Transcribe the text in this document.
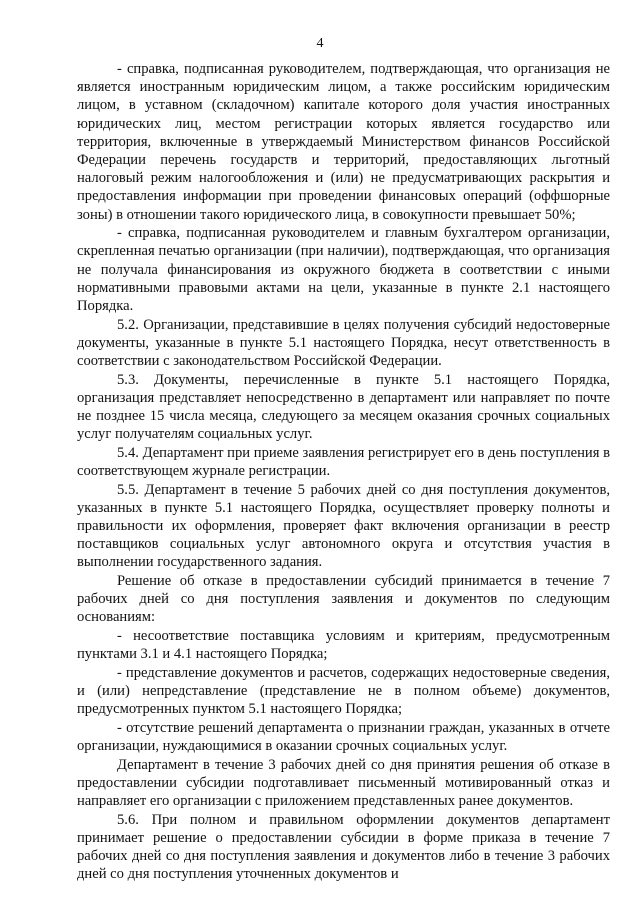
4

- справка, подписанная руководителем, подтверждающая, что организация не является иностранным юридическим лицом, а также российским юридическим лицом, в уставном (складочном) капитале которого доля участия иностранных юридических лиц, местом регистрации которых является государство или территория, включенные в утверждаемый Министерством финансов Российской Федерации перечень государств и территорий, предоставляющих льготный налоговый режим налогообложения и (или) не предусматривающих раскрытия и предоставления информации при проведении финансовых операций (оффшорные зоны) в отношении такого юридического лица, в совокупности превышает 50%;

- справка, подписанная руководителем и главным бухгалтером организации, скрепленная печатью организации (при наличии), подтверждающая, что организация не получала финансирования из окружного бюджета в соответствии с иными нормативными правовыми актами на цели, указанные в пункте 2.1 настоящего Порядка.

5.2. Организации, представившие в целях получения субсидий недостоверные документы, указанные в пункте 5.1 настоящего Порядка, несут ответственность в соответствии с законодательством Российской Федерации.

5.3. Документы, перечисленные в пункте 5.1 настоящего Порядка, организация представляет непосредственно в департамент или направляет по почте не позднее 15 числа месяца, следующего за месяцем оказания срочных социальных услуг получателям социальных услуг.

5.4. Департамент при приеме заявления регистрирует его в день поступления в соответствующем журнале регистрации.

5.5. Департамент в течение 5 рабочих дней со дня поступления документов, указанных в пункте 5.1 настоящего Порядка, осуществляет проверку полноты и правильности их оформления, проверяет факт включения организации в реестр поставщиков социальных услуг автономного округа и отсутствия участия в выполнении государственного задания.

Решение об отказе в предоставлении субсидий принимается в течение 7 рабочих дней со дня поступления заявления и документов по следующим основаниям:

- несоответствие поставщика условиям и критериям, предусмотренным пунктами 3.1 и 4.1 настоящего Порядка;

- представление документов и расчетов, содержащих недостоверные сведения, и (или) непредставление (представление не в полном объеме) документов, предусмотренных пунктом 5.1 настоящего Порядка;

- отсутствие решений департамента о признании граждан, указанных в отчете организации, нуждающимися в оказании срочных социальных услуг.

Департамент в течение 3 рабочих дней со дня принятия решения об отказе в предоставлении субсидии подготавливает письменный мотивированный отказ и направляет его организации с приложением представленных ранее документов.

5.6. При полном и правильном оформлении документов департамент принимает решение о предоставлении субсидии в форме приказа в течение 7 рабочих дней со дня поступления заявления и документов либо в течение 3 рабочих дней со дня поступления уточненных документов и
